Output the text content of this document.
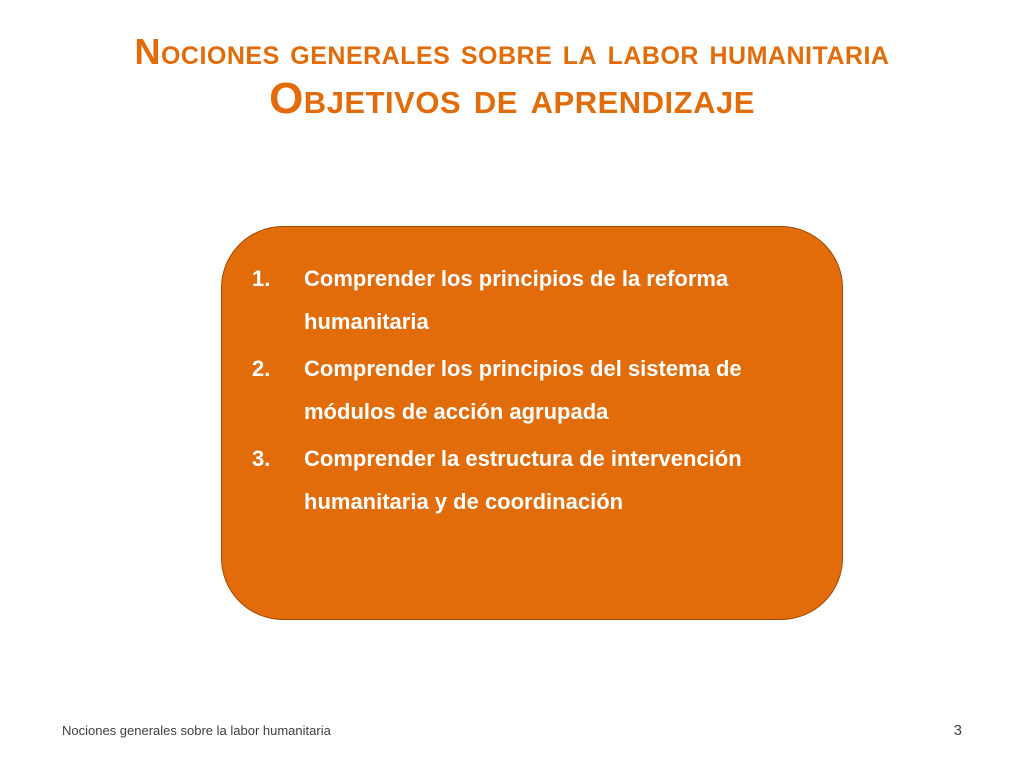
Nociones generales sobre la labor humanitaria
Objetivos de aprendizaje
1.	Comprender los principios de la reforma humanitaria
2.	Comprender los principios del sistema de módulos de acción agrupada
3.	Comprender la estructura de intervención humanitaria y de coordinación
Nociones generales sobre la labor humanitaria	3
